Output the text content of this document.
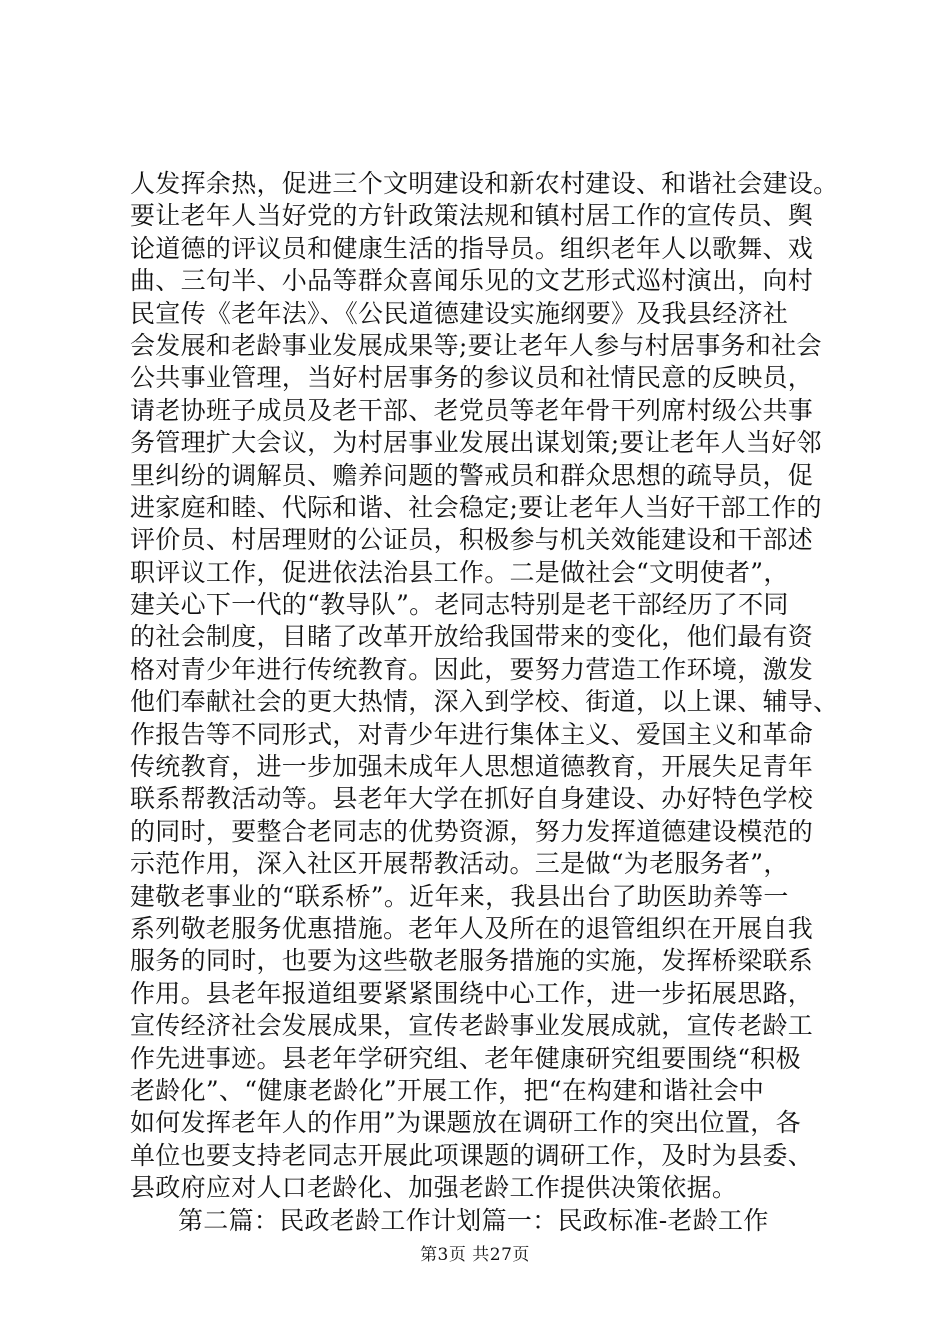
人发挥余热，促进三个文明建设和新农村建设、和谐社会建设。
要让老年人当好党的方针政策法规和镇村居工作的宣传员、舆
论道德的评议员和健康生活的指导员。组织老年人以歌舞、戏
曲、三句半、小品等群众喜闻乐见的文艺形式巡村演出，向村
民宣传《老年法》、《公民道德建设实施纲要》及我县经济社
会发展和老龄事业发展成果等;要让老年人参与村居事务和社会
公共事业管理，当好村居事务的参议员和社情民意的反映员，
请老协班子成员及老干部、老党员等老年骨干列席村级公共事
务管理扩大会议，为村居事业发展出谋划策;要让老年人当好邻
里纠纷的调解员、赡养问题的警戒员和群众思想的疏导员，促
进家庭和睦、代际和谐、社会稳定;要让老年人当好干部工作的
评价员、村居理财的公证员，积极参与机关效能建设和干部述
职评议工作，促进依法治县工作。二是做社会“文明使者”，
建关心下一代的“教导队”。老同志特别是老干部经历了不同
的社会制度，目睹了改革开放给我国带来的变化，他们最有资
格对青少年进行传统教育。因此，要努力营造工作环境，激发
他们奉献社会的更大热情，深入到学校、街道，以上课、辅导、
作报告等不同形式，对青少年进行集体主义、爱国主义和革命
传统教育，进一步加强未成年人思想道德教育，开展失足青年
联系帮教活动等。县老年大学在抓好自身建设、办好特色学校
的同时，要整合老同志的优势资源，努力发挥道德建设模范的
示范作用，深入社区开展帮教活动。三是做“为老服务者”，
建敬老事业的“联系桥”。近年来，我县出台了助医助养等一
系列敬老服务优惠措施。老年人及所在的退管组织在开展自我
服务的同时，也要为这些敬老服务措施的实施，发挥桥梁联系
作用。县老年报道组要紧紧围绕中心工作，进一步拓展思路，
宣传经济社会发展成果，宣传老龄事业发展成就，宣传老龄工
作先进事迹。县老年学研究组、老年健康研究组要围绕“积极
老龄化”、“健康老龄化”开展工作，把“在构建和谐社会中
如何发挥老年人的作用”为课题放在调研工作的突出位置，各
单位也要支持老同志开展此项课题的调研工作，及时为县委、
县政府应对人口老龄化、加强老龄工作提供决策依据。
第二篇：民政老龄工作计划篇一：民政标准-老龄工作
第3页 共27页
